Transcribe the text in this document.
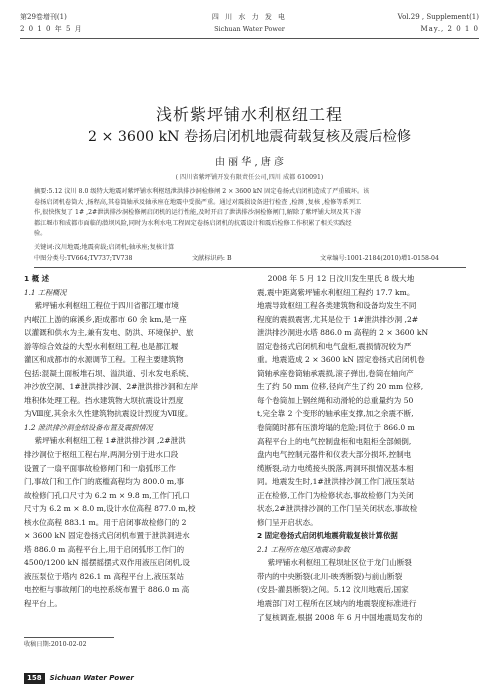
第29卷增刊(1)
2 0 1 0 年 5 月
四 川 水 力 发 电
Sichuan Water Power
Vol.29 , Supplement(1)
May., 2 0 1 0
浅析紫坪铺水利枢纽工程
2 × 3600 kN 卷扬启闭机地震荷载复核及震后检修
由 丽 华 , 唐 彦
( 四川省紫坪铺开发有限责任公司,四川 成都 610091)
摘要:5.12 汶川 8.0 级特大地震对紫坪铺水利枢纽泄洪排沙洞检修闸 2 × 3600 kN 固定卷扬式启闭机造成了严重破坏。该
卷扬启闭机卷筒大 ,扬程高,其卷筒轴承及轴承座在地震中受损严重。通过对震损设备进行检查 ,检测 ,复核 ,检修等系列工
作,很快恢复了 1# ,2#泄洪排沙洞检修闸启闭机的运行性能,及时开启了泄洪排沙洞检修闸门,解除了紫坪铺大坝及其下游
都江堰市和成都市面临的潜坝风险,同时为水利水电工程固定卷扬启闭机的抗震设计和震后检修工作积累了相关实践经
验。
关键词:汶川地震;地震荷载;启闭机;轴承座;复核计算
中图分类号:TV664;TV737;TV738	文献标识码: B	文章编号:1001-2184(2010)增1-0158-04
1 概 述
1.1 工程概况
紫坪铺水利枢纽工程位于四川省都江堰市境
内岷江上游的麻溪乡,距成都市 60 余 km,是一座
以灌溉和供水为主,兼有发电、防洪、环境保护、旅
游等综合效益的大型水利枢纽工程,也是都江堰
灌区和成都市的水源调节工程。工程主要建筑物
包括:混凝土面板堆石坝、溢洪道、引水发电系统、
冲沙放空洞、1#泄洪排沙洞、2#泄洪排沙洞和左岸
堆积体处理工程。挡水建筑物大坝抗震设计烈度
为Ⅷ度,其余永久性建筑物抗震设计烈度为Ⅶ度。
1.2 泄洪排沙洞金结设备布置及震损情况
紫坪铺水利枢纽工程 1#泄洪排沙洞 ,2#泄洪
排沙洞位于枢纽工程右岸,两洞分别于进水口段
设置了一扇平面事故检修闸门和一扇弧形工作
门,事故门和工作门的底槛高程均为 800.0 m,事
故检修门孔口尺寸为 6.2 m × 9.8 m,工作门孔口
尺寸为 6.2 m × 8.0 m,设计水位高程 877.0 m,校
核水位高程 883.1 m。用于启闭事故检修门的 2
× 3600 kN 固定卷扬式启闭机布置于泄洪洞进水
塔 886.0 m 高程平台上,用于启闭弧形工作门的
4500/1200 kN 摇摆摇摆式双作用液压启闭机,设
液压泵位于塔内 826.1 m 高程平台上,液压泵站
电控柜与事故闸门的电控系统布置于 886.0 m 高
程平台上。
收稿日期:2010-02-02
2008 年 5 月 12 日汶川发生里氏 8 级大地
震,震中距离紫坪铺水利枢纽工程约 17.7 km。
地震导致枢纽工程各类建筑物和设备均发生不同
程度的震损震害,尤其是位于 1#泄洪排沙洞 ,2#
泄洪排沙洞进水塔 886.0 m 高程的 2 × 3600 kN
固定卷扬式启闭机和电气盘柜,震损情况较为严
重。地震造成 2 × 3600 kN 固定卷扬式启闭机卷
筒轴承座卷筒轴承震损,滚子弹出,卷筒在轴向产
生了约 50 mm 位移,径向产生了约 20 mm 位移,
每个卷筒加上钢丝绳和动滑轮的总重量约为 50
t,完全靠 2 个变形的轴承座支撑,加之余震不断,
卷筒随时都有压溃垮塌的危险;同位于 866.0 m
高程平台上的电气控制盘柜和电阻柜全部倾倒,
盘内电气控制元器件和仪表大部分损坏,控制电
缆断裂,动力电缆接头脱落,两洞环损情况基本相
同。地震发生时,1#泄洪排沙洞工作门液压泵站
正在检修,工作门为检修状态,事故检修门为关闭
状态,2#泄洪排沙洞的工作门呈关闭状态,事故检
修门呈开启状态。
2 固定卷扬式启闭机地震荷载复核计算依据
2.1 工程所在地区地震动参数
紫坪铺水利枢纽工程坝址区位于龙门山断裂
带内的中央断裂(北川-映秀断裂)与前山断裂
(安县-灌县断裂)之间。5.12 汶川地震后,国家
地震部门对工程所在区域内的地震裂度标准进行
了复核调查,根据 2008 年 6 月中国地震局发布的
158	Sichuan Water Power
